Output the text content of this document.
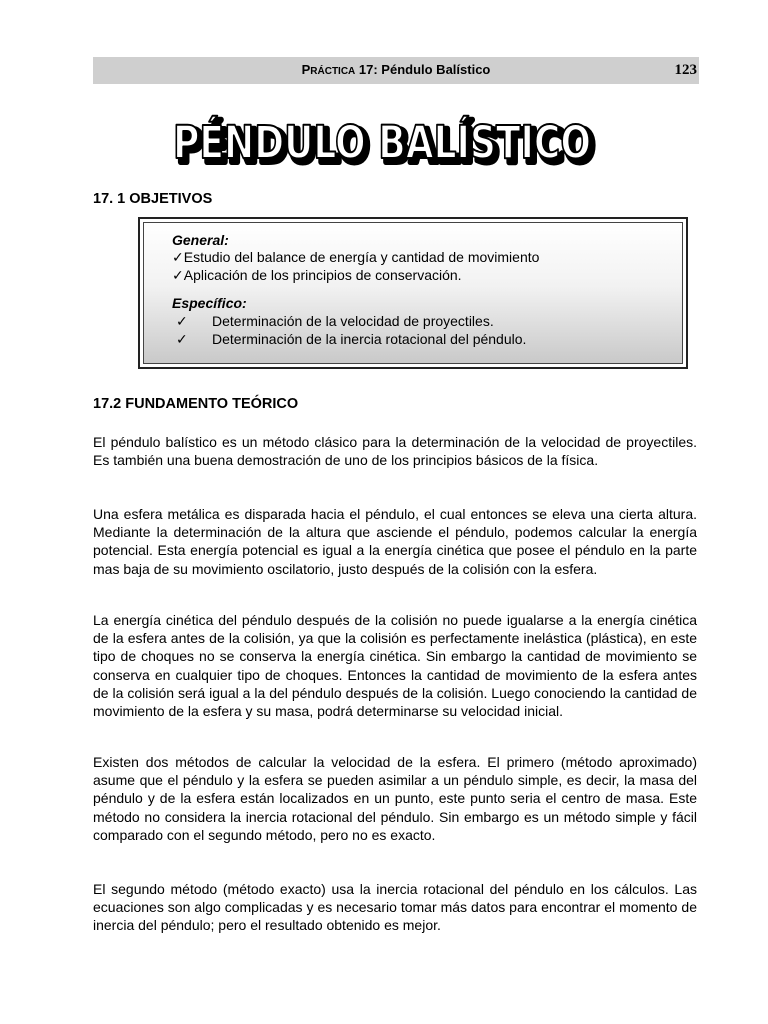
PRÁCTICA 17: Péndulo Balístico	123
PÉNDULO BALÍSTICO
PÉNDULO BALÍSTICO
17. 1 OBJETIVOS
General:
✓Estudio del balance de energía y cantidad de movimiento
✓Aplicación de los principios de conservación.
Específico:
✓ Determinación de la velocidad de proyectiles.
✓ Determinación de la inercia rotacional del péndulo.
17.2 FUNDAMENTO TEÓRICO

El péndulo balístico es un método clásico para la determinación de la velocidad de proyectiles. Es también una buena demostración de uno de los principios básicos de la física.

Una esfera metálica es disparada hacia el péndulo, el cual entonces se eleva una cierta altura. Mediante la determinación de la altura que asciende el péndulo, podemos calcular la energía potencial. Esta energía potencial es igual a la energía cinética que posee el péndulo en la parte mas baja de su movimiento oscilatorio, justo después de la colisión con la esfera.

La energía cinética del péndulo después de la colisión no puede igualarse a la energía cinética de la esfera antes de la colisión, ya que la colisión es perfectamente inelástica (plástica), en este tipo de choques no se conserva la energía cinética. Sin embargo la cantidad de movimiento se conserva en cualquier tipo de choques. Entonces la cantidad de movimiento de la esfera antes de la colisión será igual a la del péndulo después de la colisión. Luego conociendo la cantidad de movimiento de la esfera y su masa, podrá determinarse su velocidad inicial.

Existen dos métodos de calcular la velocidad de la esfera. El primero (método aproximado) asume que el péndulo y la esfera se pueden asimilar a un péndulo simple, es decir, la masa del péndulo y de la esfera están localizados en un punto, este punto seria el centro de masa. Este método no considera la inercia rotacional del péndulo. Sin embargo es un método simple y fácil comparado con el segundo método, pero no es exacto.

El segundo método (método exacto) usa la inercia rotacional del péndulo en los cálculos. Las ecuaciones son algo complicadas y es necesario tomar más datos para encontrar el momento de inercia del péndulo; pero el resultado obtenido es mejor.
